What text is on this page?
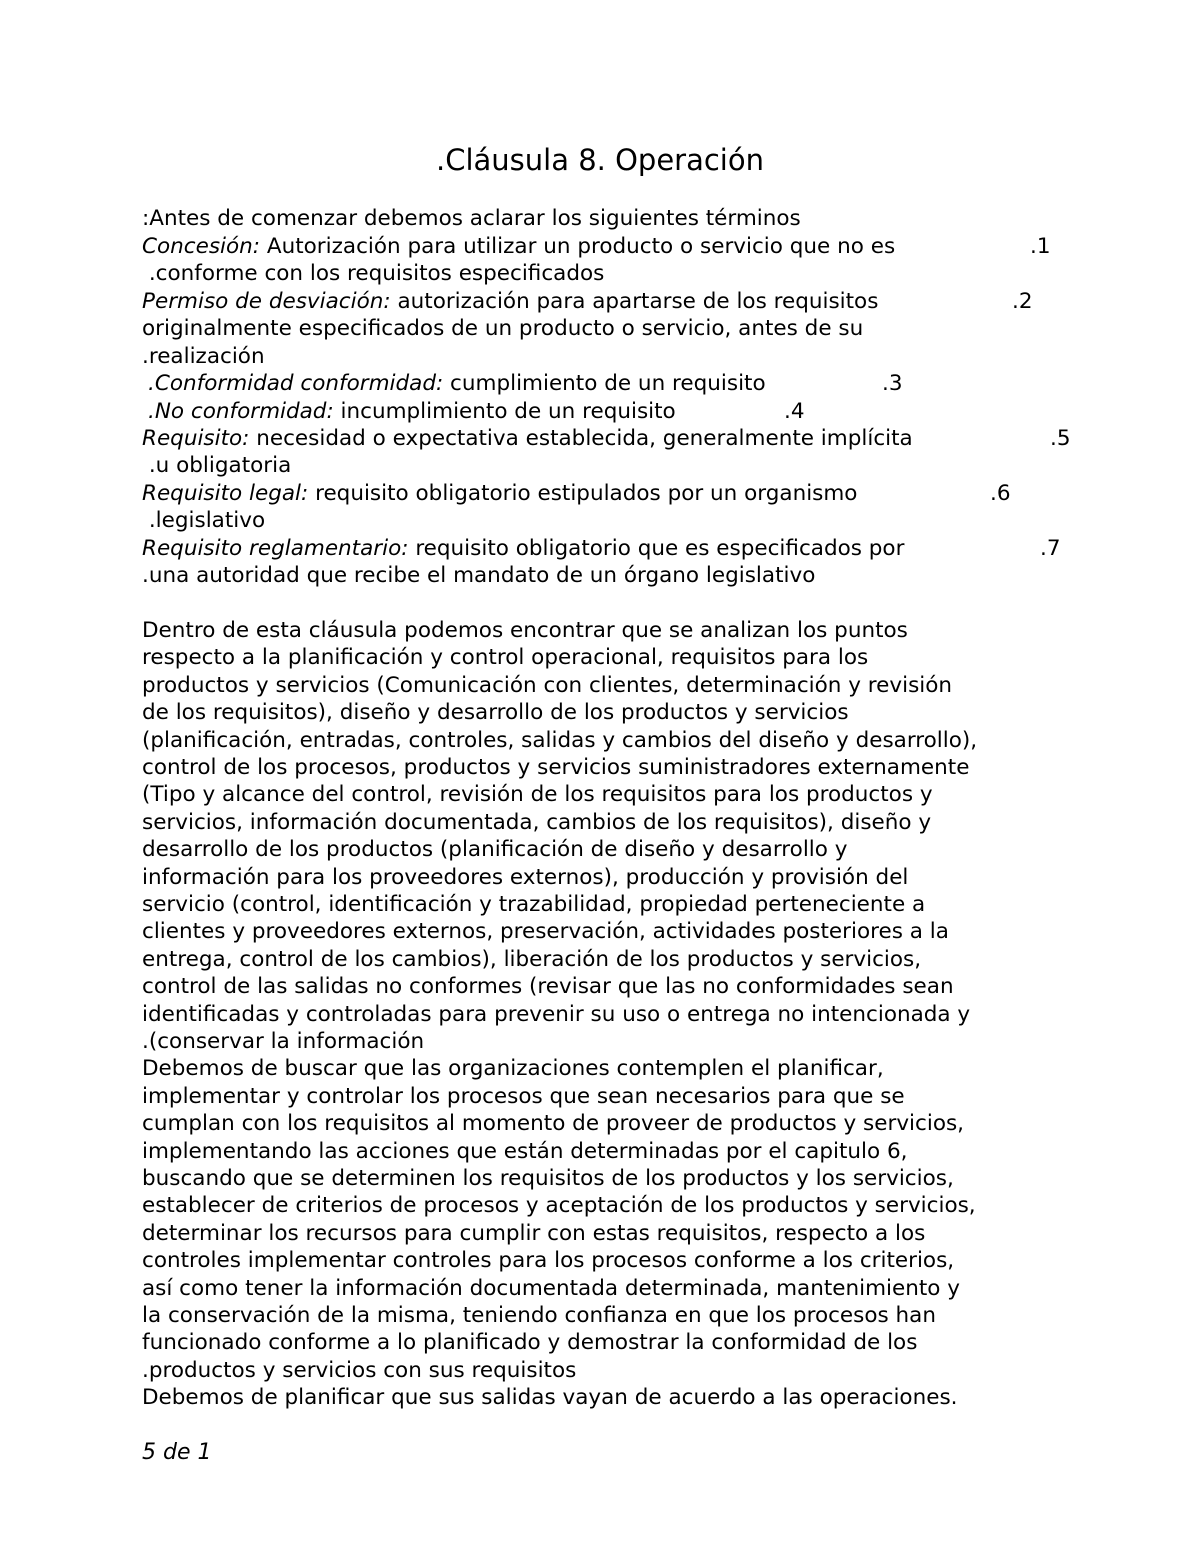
.Cláusula 8. Operación
:Antes de comenzar debemos aclarar los siguientes términos
Concesión: Autorización para utilizar un producto o servicio que no es	.1
.conforme con los requisitos especificados
Permiso de desviación: autorización para apartarse de los requisitos	.2
originalmente especificados de un producto o servicio, antes de su
.realización
.Conformidad conformidad: cumplimiento de un requisito	.3
.No conformidad: incumplimiento de un requisito	.4
Requisito: necesidad o expectativa establecida, generalmente implícita	.5
.u obligatoria
Requisito legal: requisito obligatorio estipulados por un organismo	.6
.legislativo
Requisito reglamentario: requisito obligatorio que es especificados por	.7
.una autoridad que recibe el mandato de un órgano legislativo
Dentro de esta cláusula podemos encontrar que se analizan los puntos
respecto a la planificación y control operacional, requisitos para los
productos y servicios (Comunicación con clientes, determinación y revisión
de los requisitos), diseño y desarrollo de los productos y servicios
(planificación, entradas, controles, salidas y cambios del diseño y desarrollo),
control de los procesos, productos y servicios suministradores externamente
(Tipo y alcance del control, revisión de los requisitos para los productos y
servicios, información documentada, cambios de los requisitos), diseño y
desarrollo de los productos (planificación de diseño y desarrollo y
información para los proveedores externos), producción y provisión del
servicio (control, identificación y trazabilidad, propiedad perteneciente a
clientes y proveedores externos, preservación, actividades posteriores a la
entrega, control de los cambios), liberación de los productos y servicios,
control de las salidas no conformes (revisar que las no conformidades sean
identificadas y controladas para prevenir su uso o entrega no intencionada y
.(conservar la información
Debemos de buscar que las organizaciones contemplen el planificar,
implementar y controlar los procesos que sean necesarios para que se
cumplan con los requisitos al momento de proveer de productos y servicios,
implementando las acciones que están determinadas por el capitulo 6,
buscando que se determinen los requisitos de los productos y los servicios,
establecer de criterios de procesos y aceptación de los productos y servicios,
determinar los recursos para cumplir con estas requisitos, respecto a los
controles implementar controles para los procesos conforme a los criterios,
así como tener la información documentada determinada, mantenimiento y
la conservación de la misma, teniendo confianza en que los procesos han
funcionado conforme a lo planificado y demostrar la conformidad de los
.productos y servicios con sus requisitos
Debemos de planificar que sus salidas vayan de acuerdo a las operaciones.
5 de 1
